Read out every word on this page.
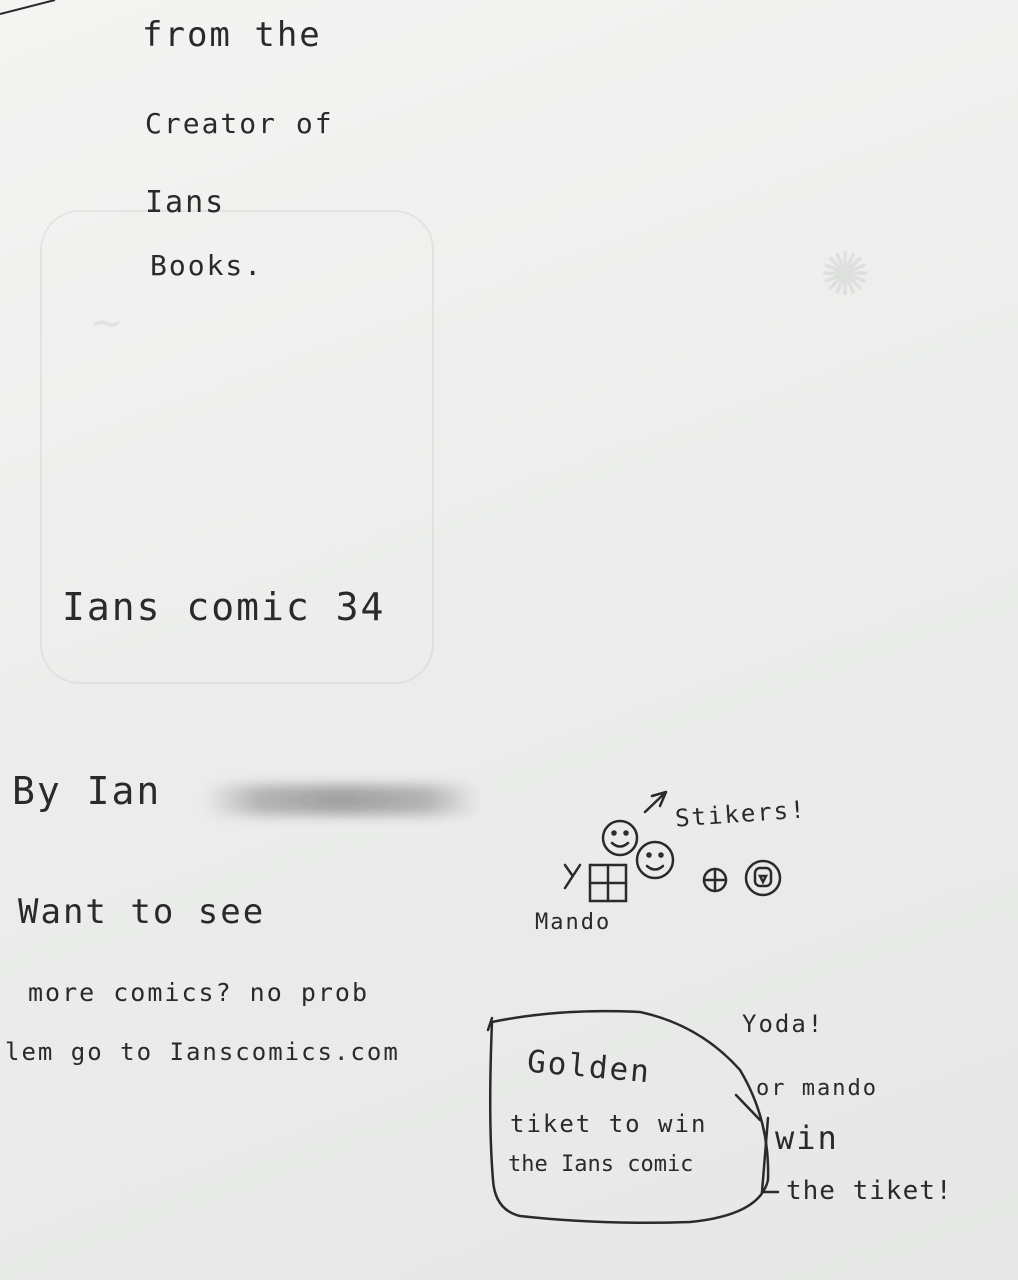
~
✺

from the

Creator of

Ians

Books.

Ians comic 34

By Ian

Want to see

more comics? no prob

lem go to Ianscomics.com

Stikers!

Mando

Golden

tiket to win

the Ians comic

Yoda!

or mando

win

the tiket!
